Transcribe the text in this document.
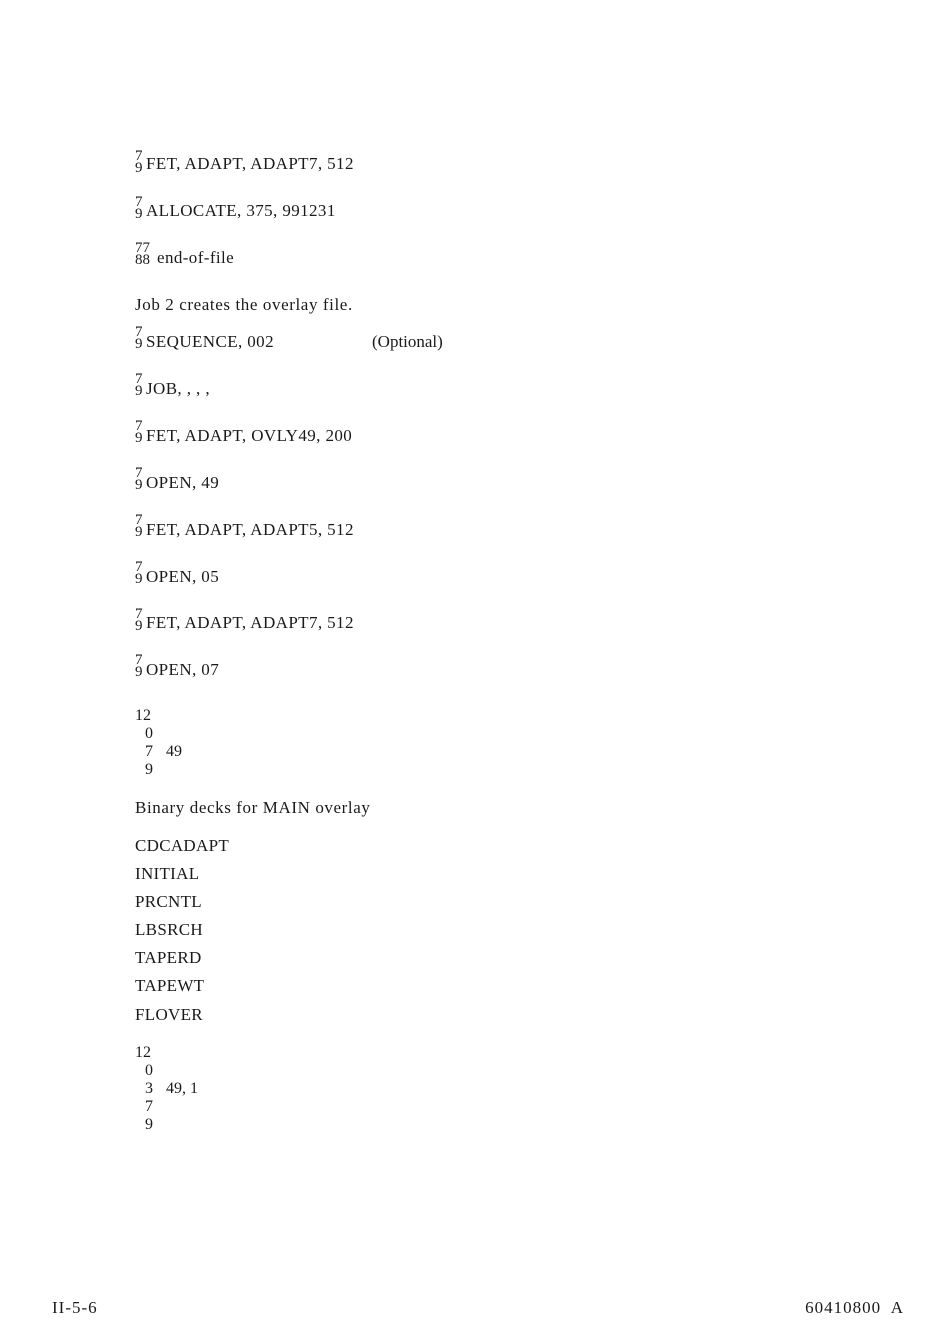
7
9 FET, ADAPT, ADAPT7, 512
7
9 ALLOCATE, 375, 991231
77
88 end-of-file
Job 2 creates the overlay file.
7
9 SEQUENCE, 002	(Optional)
7
9 JOB, , , ,
7
9 FET, ADAPT, OVLY49, 200
7
9 OPEN, 49
7
9 FET, ADAPT, ADAPT5, 512
7
9 OPEN, 05
7
9 FET, ADAPT, ADAPT7, 512
7
9 OPEN, 07
12
0
7
9
49
Binary decks for MAIN overlay
CDCADAPT
INITIAL
PRCNTL
LBSRCH
TAPERD
TAPEWT
FLOVER
12
0
3
7
9
49, 1
II-5-6	60410800  A
